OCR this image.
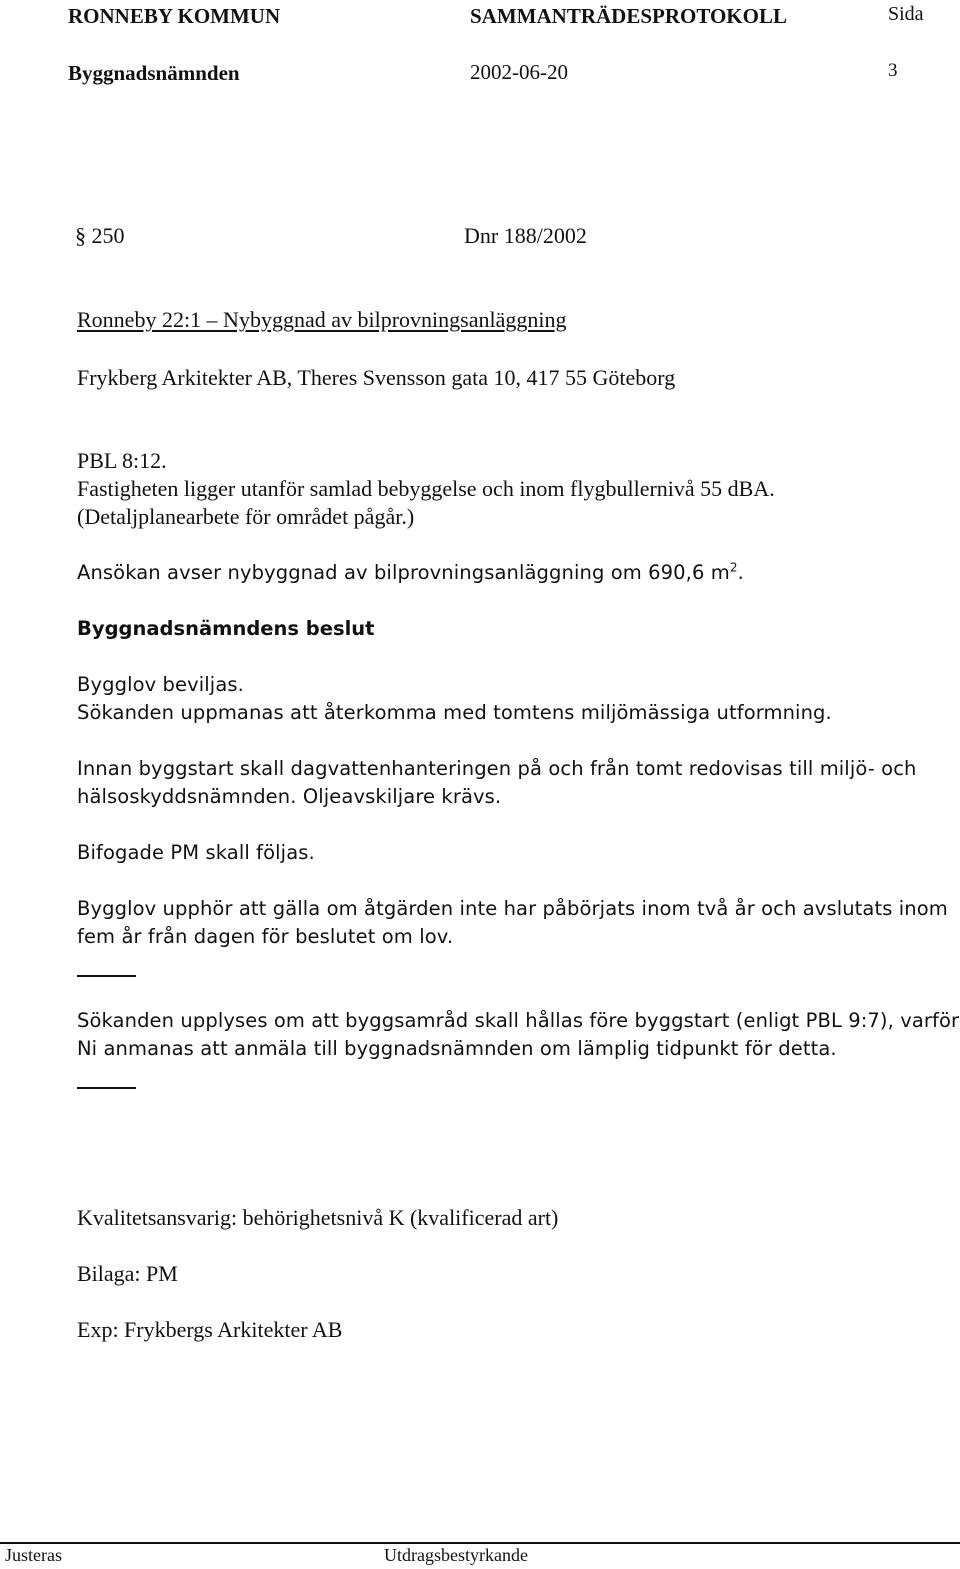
RONNEBY KOMMUN	SAMMANTRÄDESPROTOKOLL	Sida
Byggnadsnämnden	2002-06-20	3
§ 250	Dnr 188/2002
Ronneby 22:1 – Nybyggnad av bilprovningsanläggning
Frykberg Arkitekter AB, Theres Svensson gata 10, 417 55 Göteborg
PBL 8:12.
Fastigheten ligger utanför samlad bebyggelse och inom flygbullernivå 55 dBA.
(Detaljplanearbete för området pågår.)
Ansökan avser nybyggnad av bilprovningsanläggning om 690,6 $m^2$.
Byggnadsnämndens beslut
Bygglov beviljas.
Sökanden uppmanas att återkomma med tomtens miljömässiga utformning.
Innan byggstart skall dagvattenhanteringen på och från tomt redovisas till miljö- och
hälsoskyddsnämnden. Oljeavskiljare krävs.
Bifogade PM skall följas.
Bygglov upphör att gälla om åtgärden inte har påbörjats inom två år och avslutats inom
fem år från dagen för beslutet om lov.
Sökanden upplyses om att byggsamråd skall hållas före byggstart (enligt PBL 9:7), varför
Ni anmanas att anmäla till byggnadsnämnden om lämplig tidpunkt för detta.
Kvalitetsansvarig: behörighetsnivå K (kvalificerad art)
Bilaga: PM
Exp: Frykbergs Arkitekter AB
Justeras	Utdragsbestyrkande
